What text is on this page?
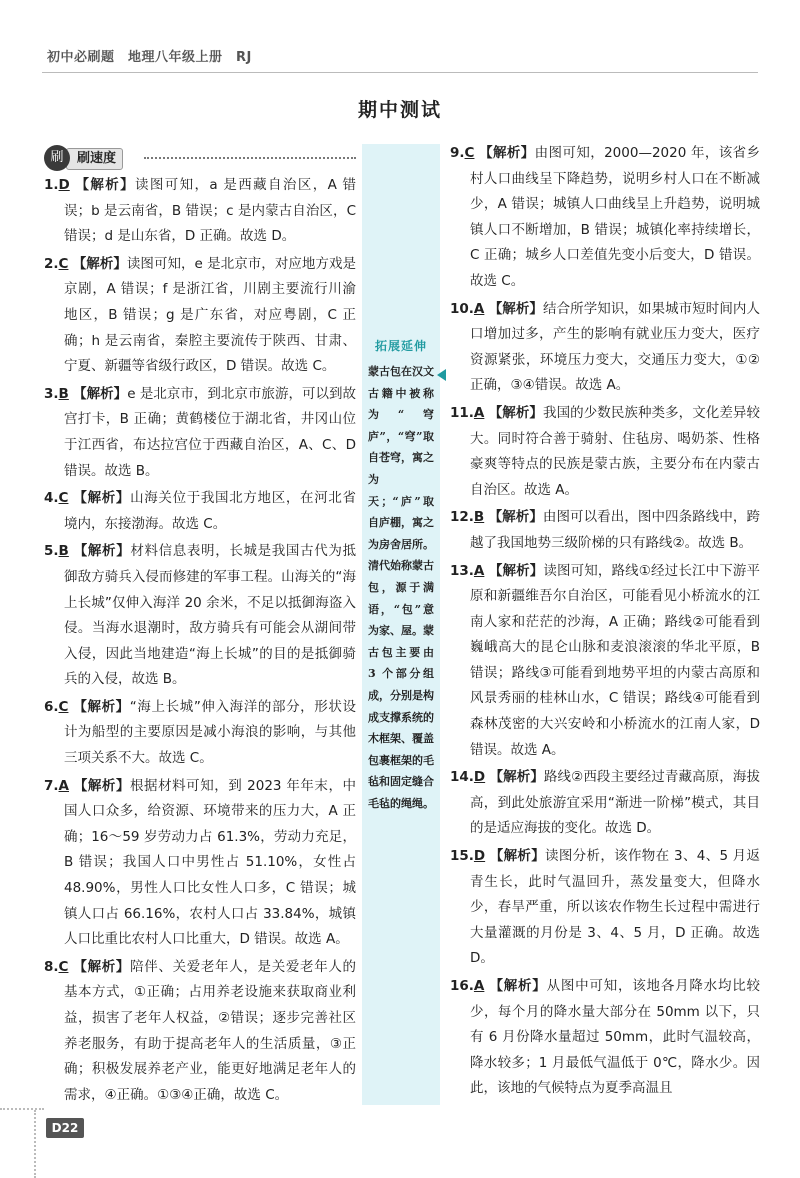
初中必刷题　地理八年级上册　RJ
期中测试
刷速度
刷
1.D 【解析】读图可知，a 是西藏自治区，A 错误；b 是云南省，B 错误；c 是内蒙古自治区，C 错误；d 是山东省，D 正确。故选 D。
2.C 【解析】读图可知，e 是北京市，对应地方戏是京剧，A 错误；f 是浙江省，川剧主要流行川渝地区，B 错误；g 是广东省，对应粤剧，C 正确；h 是云南省，秦腔主要流传于陕西、甘肃、宁夏、新疆等省级行政区，D 错误。故选 C。
3.B 【解析】e 是北京市，到北京市旅游，可以到故宫打卡，B 正确；黄鹤楼位于湖北省，井冈山位于江西省，布达拉宫位于西藏自治区，A、C、D 错误。故选 B。
4.C 【解析】山海关位于我国北方地区，在河北省境内，东接渤海。故选 C。
5.B 【解析】材料信息表明，长城是我国古代为抵御敌方骑兵入侵而修建的军事工程。山海关的“海上长城”仅伸入海洋 20 余米，不足以抵御海盗入侵。当海水退潮时，敌方骑兵有可能会从湖间带入侵，因此当地建造“海上长城”的目的是抵御骑兵的入侵，故选 B。
6.C 【解析】“海上长城”伸入海洋的部分，形状设计为船型的主要原因是减小海浪的影响，与其他三项关系不大。故选 C。
7.A 【解析】根据材料可知，到 2023 年年末，中国人口众多，给资源、环境带来的压力大，A 正确；16～59 岁劳动力占 61.3%，劳动力充足，B 错误；我国人口中男性占 51.10%，女性占 48.90%，男性人口比女性人口多，C 错误；城镇人口占 66.16%，农村人口占 33.84%，城镇人口比重比农村人口比重大，D 错误。故选 A。
8.C 【解析】陪伴、关爱老年人，是关爱老年人的基本方式，①正确；占用养老设施来获取商业利益，损害了老年人权益，②错误；逐步完善社区养老服务，有助于提高老年人的生活质量，③正确；积极发展养老产业，能更好地满足老年人的需求，④正确。①③④正确，故选 C。
拓展延伸
蒙古包在汉文古籍中被称为“穹庐”，“穹”取自苍穹，寓之为天；“庐”取自庐棚，寓之为房舍居所。清代始称蒙古包，源于满语，“包”意为家、屋。蒙古包主要由 3 个部分组成，分别是构成支撑系统的木框架、覆盖包裹框架的毛毡和固定缝合毛毡的绳绳。
9.C 【解析】由图可知，2000—2020 年，该省乡村人口曲线呈下降趋势，说明乡村人口在不断减少，A 错误；城镇人口曲线呈上升趋势，说明城镇人口不断增加，B 错误；城镇化率持续增长，C 正确；城乡人口差值先变小后变大，D 错误。故选 C。
10.A 【解析】结合所学知识，如果城市短时间内人口增加过多，产生的影响有就业压力变大，医疗资源紧张，环境压力变大，交通压力变大，①②正确，③④错误。故选 A。
11.A 【解析】我国的少数民族种类多，文化差异较大。同时符合善于骑射、住毡房、喝奶茶、性格豪爽等特点的民族是蒙古族，主要分布在内蒙古自治区。故选 A。
12.B 【解析】由图可以看出，图中四条路线中，跨越了我国地势三级阶梯的只有路线②。故选 B。
13.A 【解析】读图可知，路线①经过长江中下游平原和新疆维吾尔自治区，可能看见小桥流水的江南人家和茫茫的沙海，A 正确；路线②可能看到巍峨高大的昆仑山脉和麦浪滚滚的华北平原，B 错误；路线③可能看到地势平坦的内蒙古高原和风景秀丽的桂林山水，C 错误；路线④可能看到森林茂密的大兴安岭和小桥流水的江南人家，D 错误。故选 A。
14.D 【解析】路线②西段主要经过青藏高原，海拔高，到此处旅游宜采用“渐进一阶梯”模式，其目的是适应海拔的变化。故选 D。
15.D 【解析】读图分析，该作物在 3、4、5 月返青生长，此时气温回升，蒸发量变大，但降水少，春旱严重，所以该农作物生长过程中需进行大量灌溉的月份是 3、4、5 月，D 正确。故选 D。
16.A 【解析】从图中可知，该地各月降水均比较少，每个月的降水量大部分在 50mm 以下，只有 6 月份降水量超过 50mm，此时气温较高，降水较多；1 月最低气温低于 0℃，降水少。因此，该地的气候特点为夏季高温且
D22
